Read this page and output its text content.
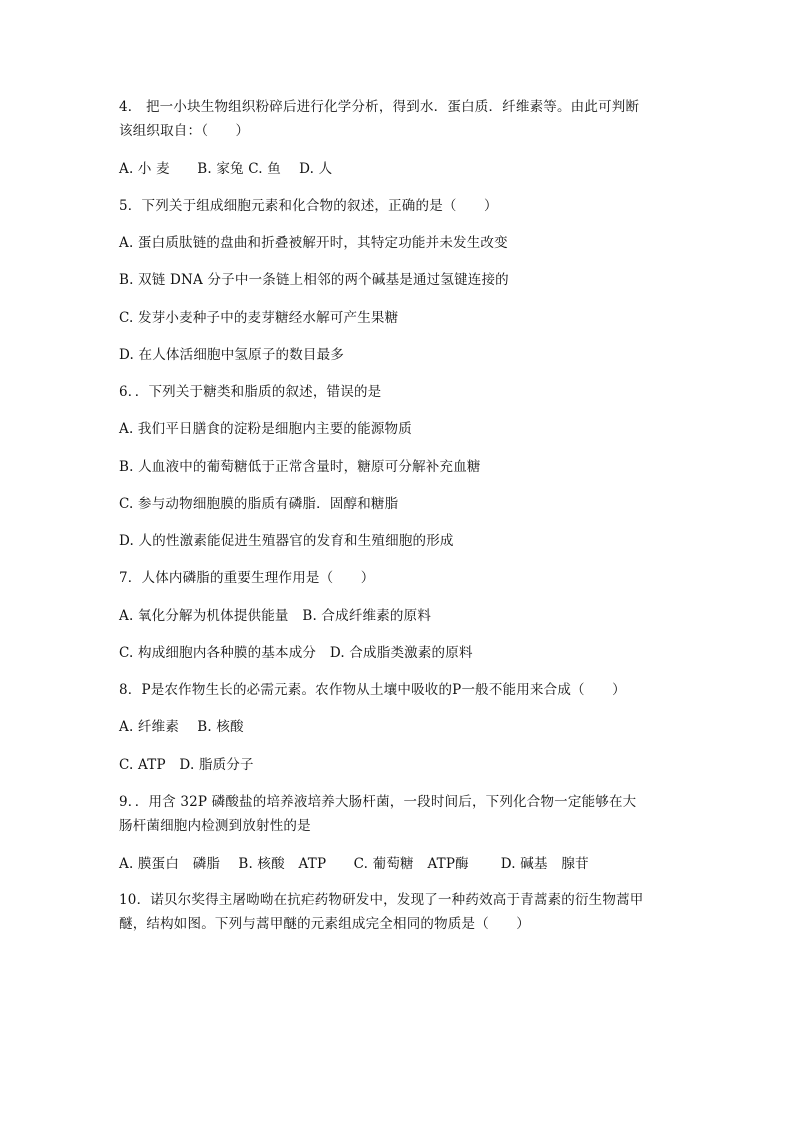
4． 把一小块生物组织粉碎后进行化学分析，得到水．蛋白质．纤维素等。由此可判断
该组织取自：（　　）
A. 小 麦　　B. 家兔 C. 鱼　 D. 人
5．下列关于组成细胞元素和化合物的叙述，正确的是（　　）
A. 蛋白质肽链的盘曲和折叠被解开时，其特定功能并未发生改变
B. 双链 DNA 分子中一条链上相邻的两个碱基是通过氢键连接的
C. 发芽小麦种子中的麦芽糖经水解可产生果糖
D. 在人体活细胞中氢原子的数目最多
6．．下列关于糖类和脂质的叙述，错误的是
A. 我们平日膳食的淀粉是细胞内主要的能源物质
B. 人血液中的葡萄糖低于正常含量时，糖原可分解补充血糖
C. 参与动物细胞膜的脂质有磷脂．固醇和糖脂
D. 人的性激素能促进生殖器官的发育和生殖细胞的形成
7．人体内磷脂的重要生理作用是（　　）
A. 氧化分解为机体提供能量　B. 合成纤维素的原料
C. 构成细胞内各种膜的基本成分　D. 合成脂类激素的原料
8．P是农作物生长的必需元素。农作物从土壤中吸收的P一般不能用来合成（　　）
A. 纤维素　 B. 核酸
C. ATP　D. 脂质分子
9．．用含 32P 磷酸盐的培养液培养大肠杆菌，一段时间后，下列化合物一定能够在大
肠杆菌细胞内检测到放射性的是
A. 膜蛋白　磷脂　 B. 核酸　ATP　　C. 葡萄糖　ATP酶　　 D. 碱基　腺苷
10．诺贝尔奖得主屠呦呦在抗疟药物研发中，发现了一种药效高于青蒿素的衍生物蒿甲
醚，结构如图。下列与蒿甲醚的元素组成完全相同的物质是（　　）
